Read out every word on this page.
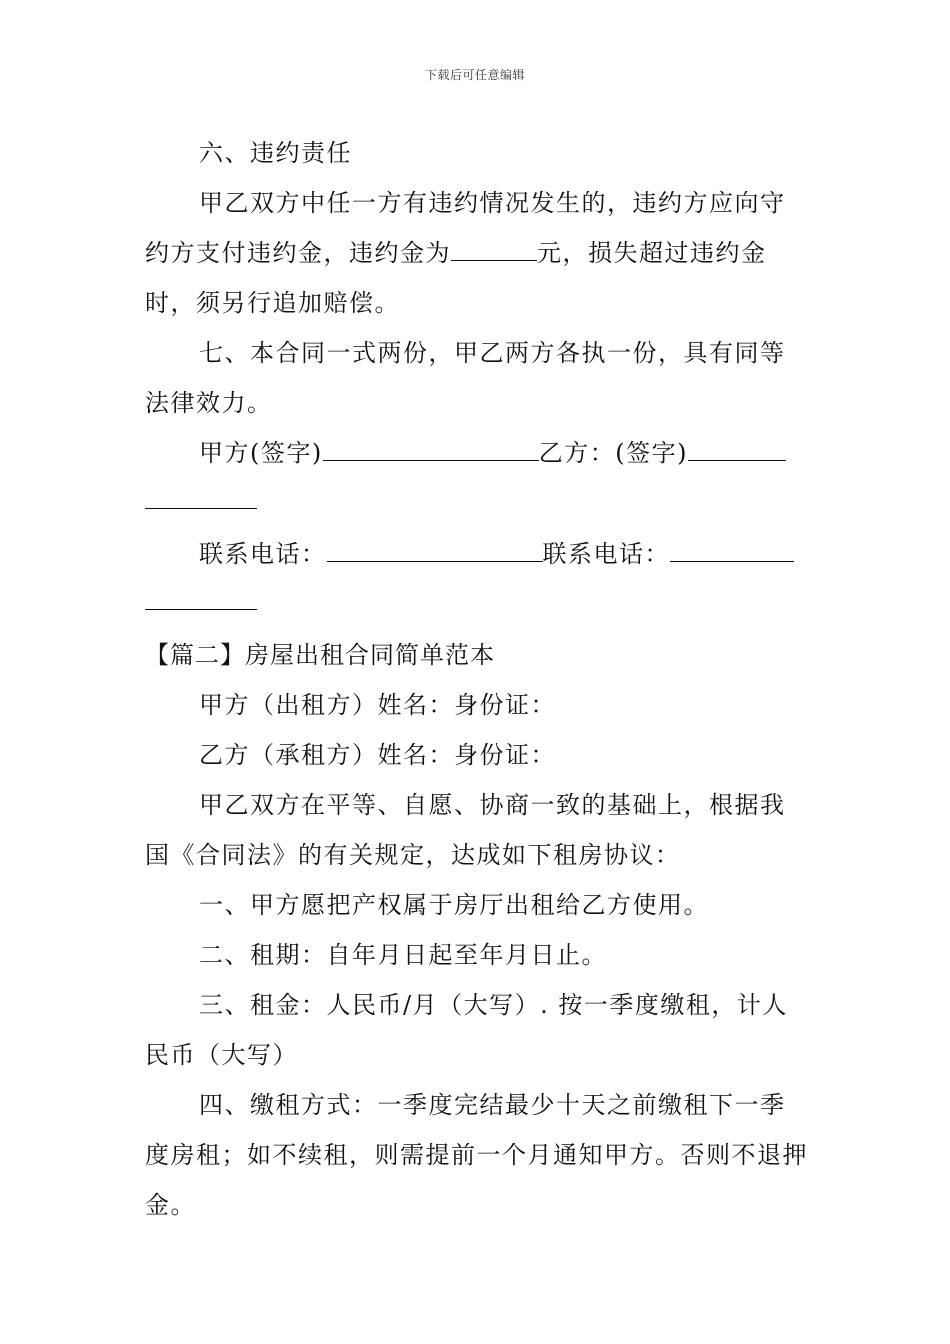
下载后可任意编辑

六、违约责任

甲乙双方中任一方有违约情况发生的，违约方应向守约方支付违约金，违约金为	元，损失超过违约金时，须另行追加赔偿。

七、本合同一式两份，甲乙两方各执一份，具有同等法律效力。

甲方(签字)	乙方：(签字)

联系电话：	联系电话：

【篇二】房屋出租合同简单范本

甲方（出租方）姓名：身份证：

乙方（承租方）姓名：身份证：

甲乙双方在平等、自愿、协商一致的基础上，根据我国《合同法》的有关规定，达成如下租房协议：

一、甲方愿把产权属于房厅出租给乙方使用。

二、租期：自年月日起至年月日止。

三、租金：人民币/月（大写）. 按一季度缴租，计人民币（大写）

四、缴租方式：一季度完结最少十天之前缴租下一季度房租；如不续租，则需提前一个月通知甲方。否则不退押金。
